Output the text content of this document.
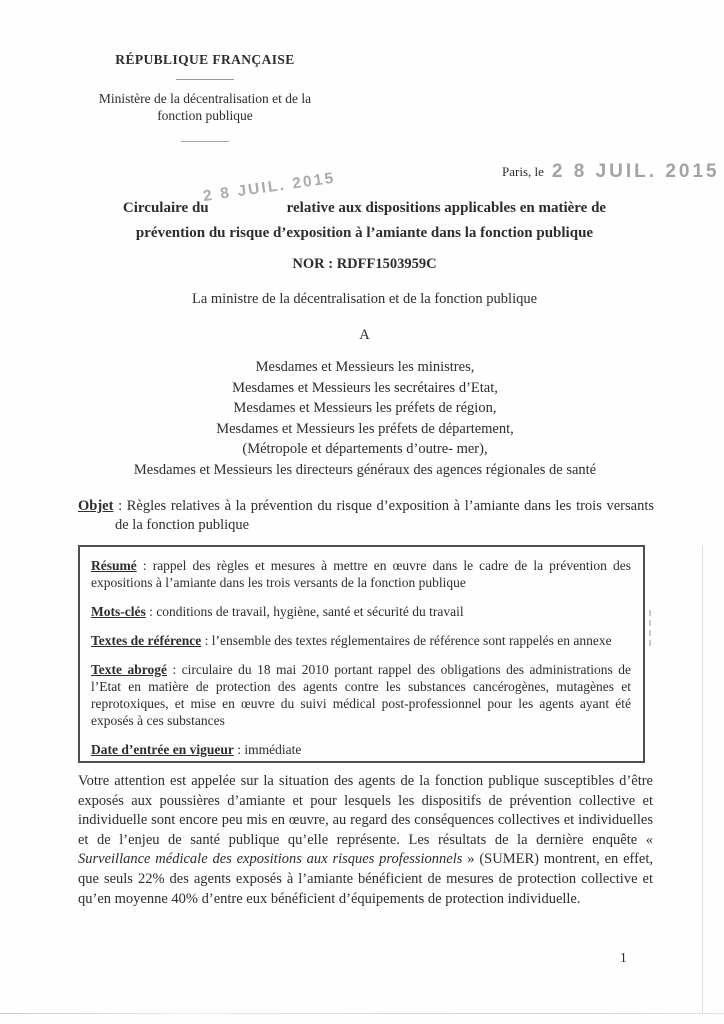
RÉPUBLIQUE FRANÇAISE
Ministère de la décentralisation et de la
fonction publique
Paris, le 2 8 JUIL. 2015
Circulaire du
2 8 JUIL. 2015
relative aux dispositions applicables en matière de
prévention du risque d’exposition à l’amiante dans la fonction publique
NOR : RDFF1503959C
La ministre de la décentralisation et de la fonction publique
A
Mesdames et Messieurs les ministres,
Mesdames et Messieurs les secrétaires d’Etat,
Mesdames et Messieurs les préfets de région,
Mesdames et Messieurs les préfets de département,
(Métropole et départements d’outre- mer),
Mesdames et Messieurs les directeurs généraux des agences régionales de santé
Objet : Règles relatives à la prévention du risque d’exposition à l’amiante dans les trois versants de la fonction publique
Résumé : rappel des règles et mesures à mettre en œuvre dans le cadre de la prévention des expositions à l’amiante dans les trois versants de la fonction publique
Mots-clés : conditions de travail, hygiène, santé et sécurité du travail
Textes de référence : l’ensemble des textes réglementaires de référence sont rappelés en annexe
Texte abrogé : circulaire du 18 mai 2010 portant rappel des obligations des administrations de l’Etat en matière de protection des agents contre les substances cancérogènes, mutagènes et reprotoxiques, et mise en œuvre du suivi médical post-professionnel pour les agents ayant été exposés à ces substances
Date d’entrée en vigueur : immédiate
Votre attention est appelée sur la situation des agents de la fonction publique susceptibles d’être exposés aux poussières d’amiante et pour lesquels les dispositifs de prévention collective et individuelle sont encore peu mis en œuvre, au regard des conséquences collectives et individuelles et de l’enjeu de santé publique qu’elle représente. Les résultats de la dernière enquête « Surveillance médicale des expositions aux risques professionnels » (SUMER) montrent, en effet, que seuls 22% des agents exposés à l’amiante bénéficient de mesures de protection collective et qu’en moyenne 40% d’entre eux bénéficient d’équipements de protection individuelle.
1
